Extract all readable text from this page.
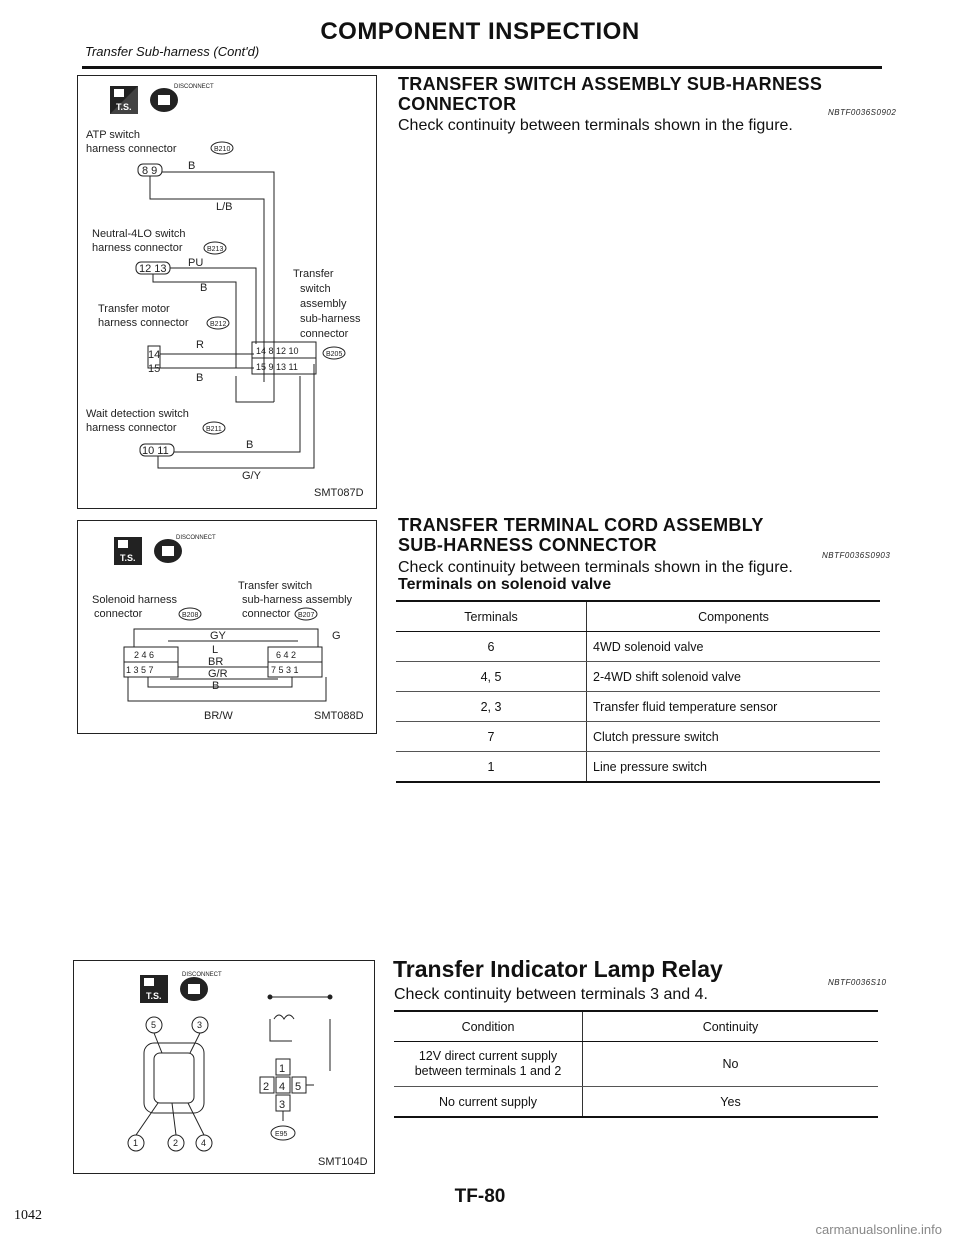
COMPONENT INSPECTION
Transfer Sub-harness (Cont'd)
T.S.
DISCONNECT
ATP switch
harness connector	B210
8 9	B
L/B
Neutral-4LO switch
harness connector	B213
12 13 PU
B
Transfer motor
harness connector	B212
14
15
R
B
Wait detection switch
harness connector	B211
10 11	B
G/Y
14 8 12 10
15 9 13 11
B205
Transfer
switch
assembly
sub-harness
connector
SMT087D
T.S.
DISCONNECT
Solenoid harness
connector	B208
Transfer switch
sub-harness assembly
connector B207
2 4 6
1 3 5 7
6 4 2
7 5 3 1
GY
L
BR
G/R
B
BR/W
G
SMT088D
T.S.
DISCONNECT
5	3
1	2	4
1
2 4 5
3
E95
SMT104D
TRANSFER SWITCH ASSEMBLY SUB-HARNESS
CONNECTOR	NBTF0036S0902
Check continuity between terminals shown in the figure.
TRANSFER TERMINAL CORD ASSEMBLY
SUB-HARNESS CONNECTOR
NBTF0036S0903
Check continuity between terminals shown in the figure.
Terminals on solenoid valve
Terminals	Components
6	4WD solenoid valve
4, 5	2-4WD shift solenoid valve
2, 3	Transfer fluid temperature sensor
7	Clutch pressure switch
1	Line pressure switch
Transfer Indicator Lamp Relay
NBTF0036S10
Check continuity between terminals 3 and 4.
Condition	Continuity
12V direct current supply between terminals 1 and 2	No
No current supply	Yes
TF-80
1042
carmanualsonline.info
